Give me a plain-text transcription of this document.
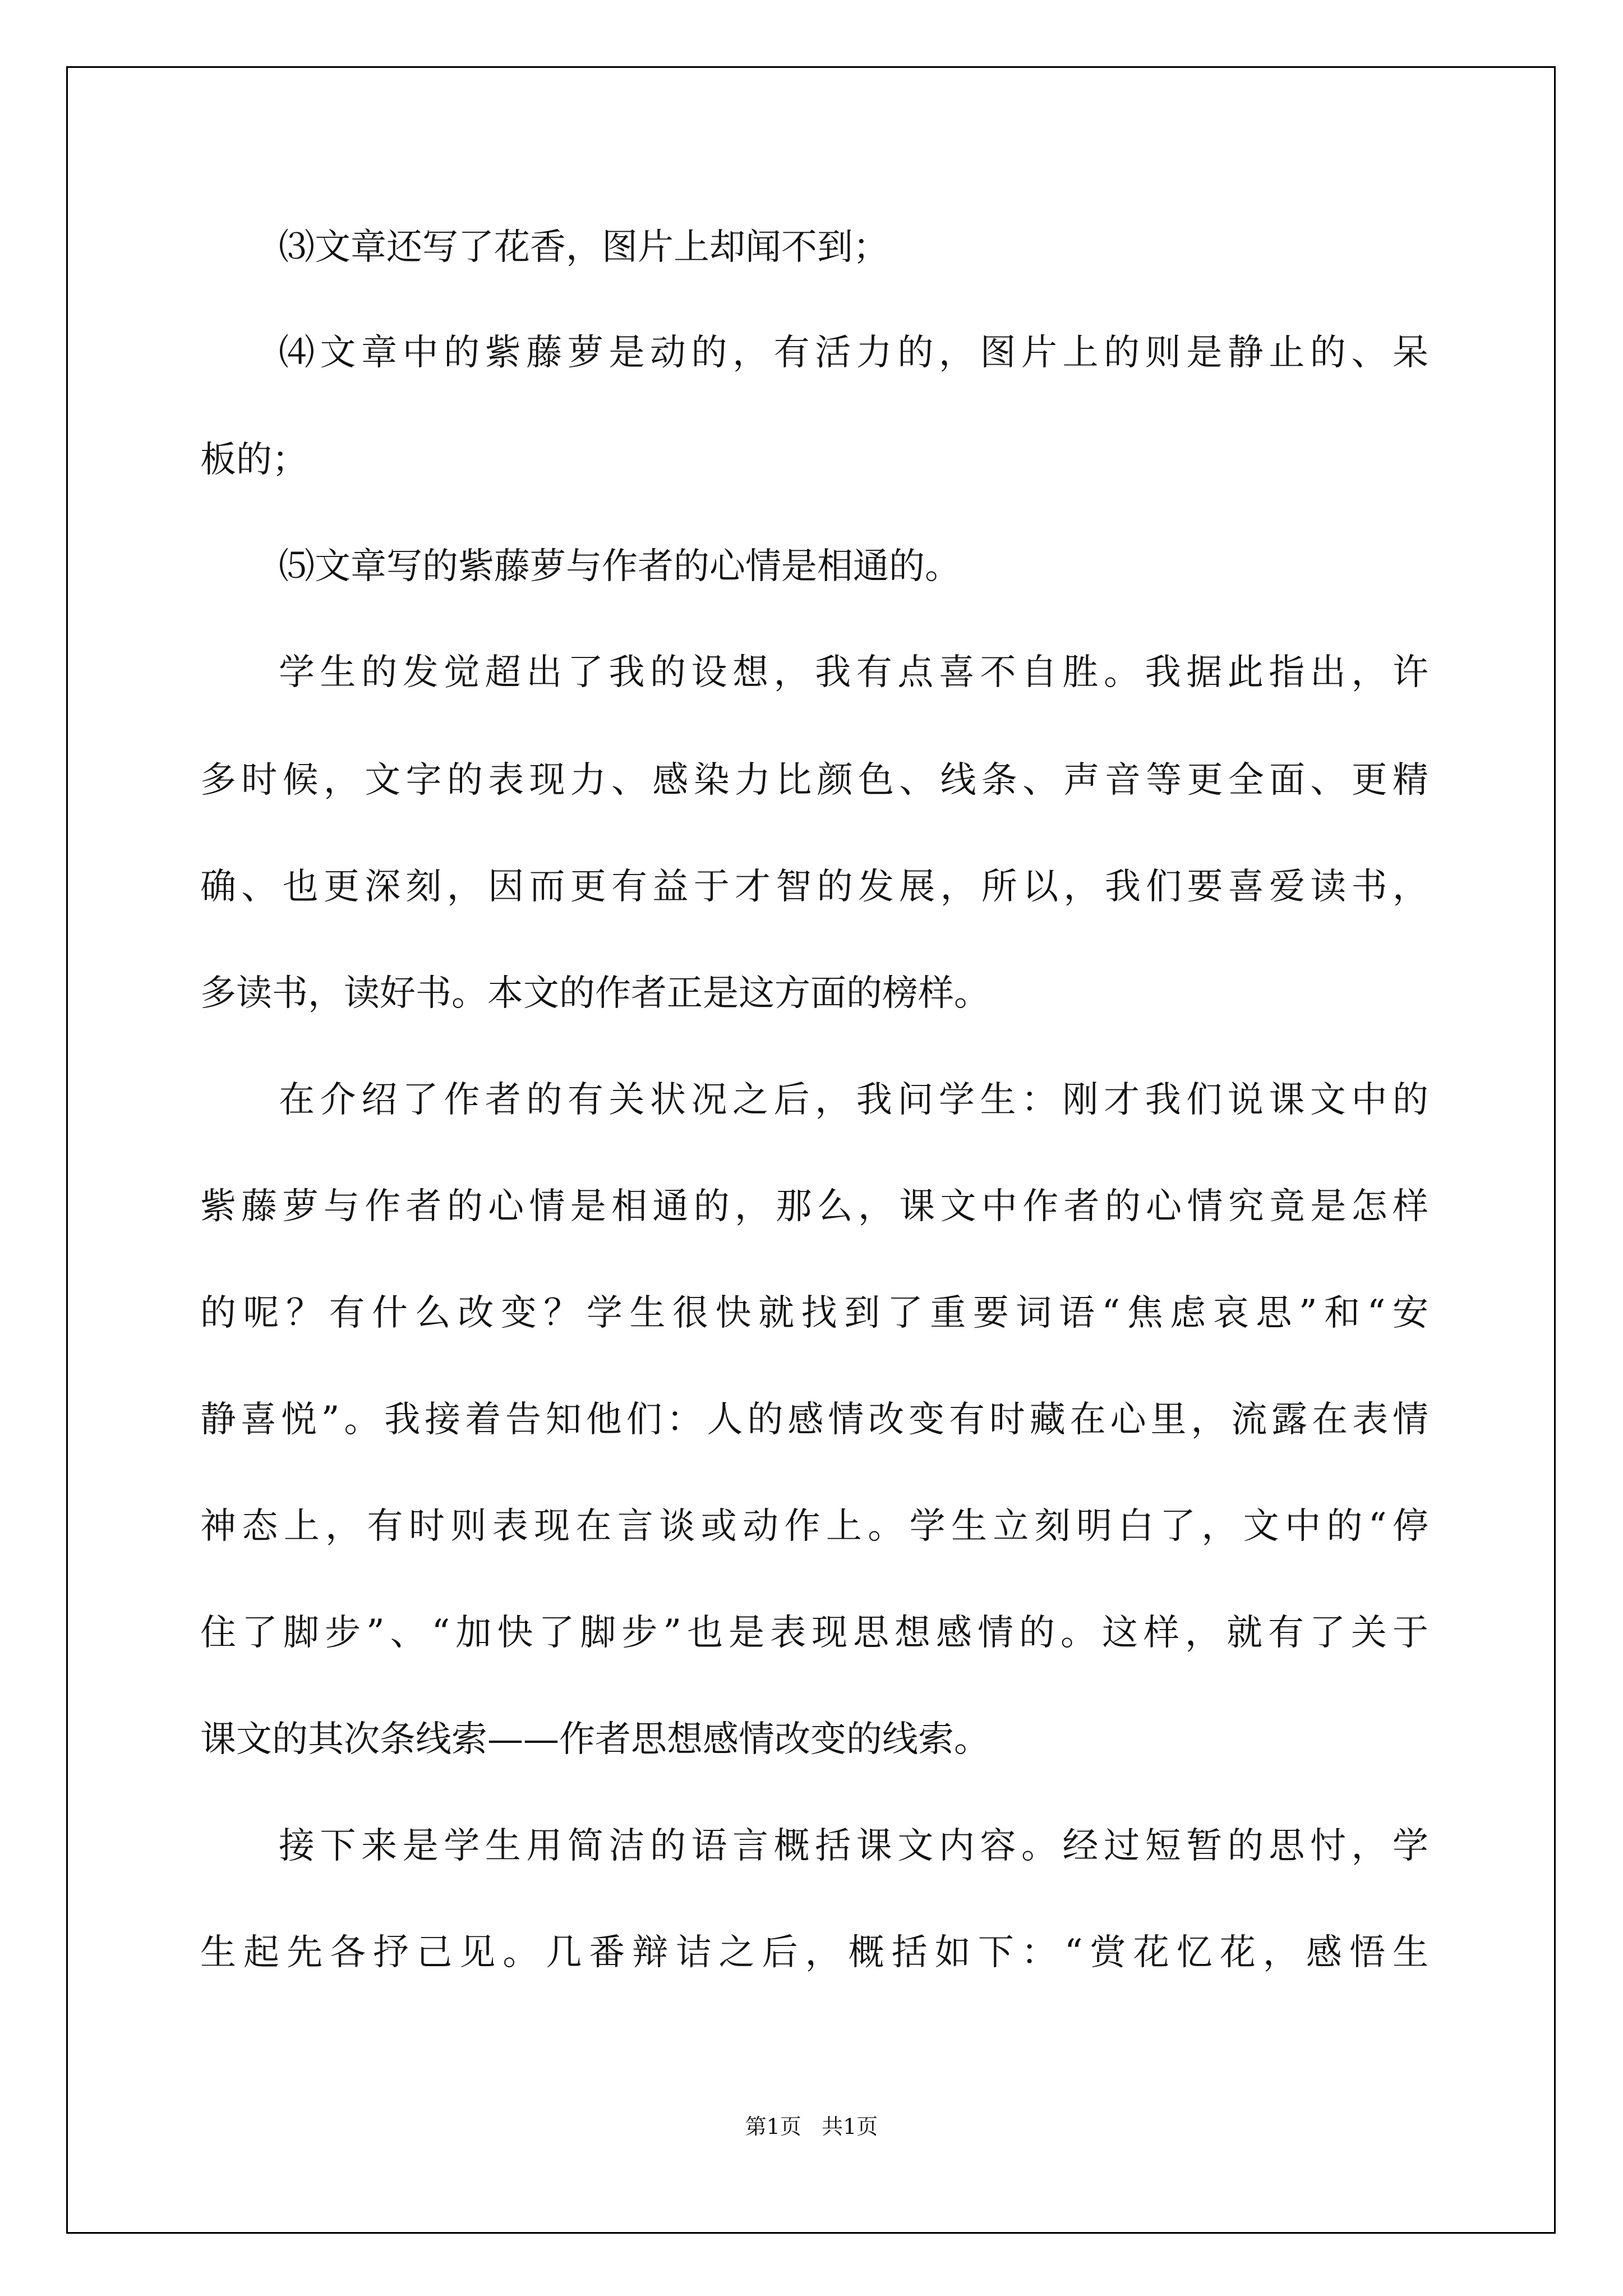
⑶文章还写了花香，图片上却闻不到；

⑷文章中的紫藤萝是动的，有活力的，图片上的则是静止的、呆

板的；

⑸文章写的紫藤萝与作者的心情是相通的。

学生的发觉超出了我的设想，我有点喜不自胜。我据此指出，许

多时候，文字的表现力、感染力比颜色、线条、声音等更全面、更精

确、也更深刻，因而更有益于才智的发展，所以，我们要喜爱读书，

多读书，读好书。本文的作者正是这方面的榜样。

在介绍了作者的有关状况之后，我问学生：刚才我们说课文中的

紫藤萝与作者的心情是相通的，那么，课文中作者的心情究竟是怎样

的呢？有什么改变？学生很快就找到了重要词语“焦虑哀思”和“安

静喜悦”。我接着告知他们：人的感情改变有时藏在心里，流露在表情

神态上，有时则表现在言谈或动作上。学生立刻明白了，文中的“停

住了脚步”、“加快了脚步”也是表现思想感情的。这样，就有了关于

课文的其次条线索——作者思想感情改变的线索。

接下来是学生用简洁的语言概括课文内容。经过短暂的思忖，学

生起先各抒己见。几番辩诘之后，概括如下：“赏花忆花，感悟生

第1页   共1页
